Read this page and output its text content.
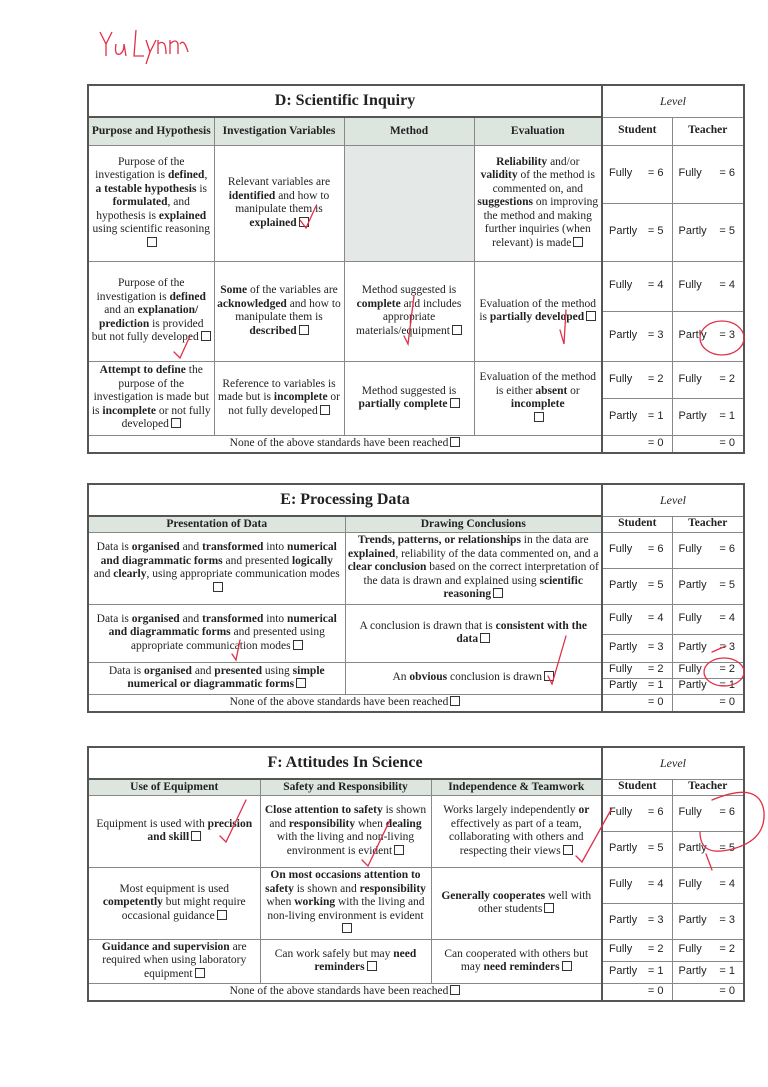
D: Scientific Inquiry				Level	
Purpose and Hypothesis	Investigation Variables	Method	Evaluation	Student	Teacher
Purpose of the investigation is defined, a testable hypothesis is formulated, and hypothesis is explained using scientific reasoning	Relevant variables are identified and how to manipulate them is explained		Reliability and/or validity of the method is commented on, and suggestions on improving the method and making further inquiries (when relevant) is made	Fully = 6	Fully = 6

				Partly = 5	Partly = 5

Purpose of the investigation is defined and an explanation/ prediction is provided but not fully developed	Some of the variables are acknowledged and how to manipulate them is described	Method suggested is complete and includes appropriate materials/equipment	Evaluation of the method is partially developed	Fully = 4	Fully = 4

				Partly = 3	Partly = 3

Attempt to define the purpose of the investigation is made but is incomplete or not fully developed	Reference to variables is made but is incomplete or not fully developed	Method suggested is partially complete	Evaluation of the method is either absent or incomplete	Fully = 2	Fully = 2

				Partly = 1	Partly = 1

None of the above standards have been reached				= 0	= 0
E: Processing Data		Level	
Presentation of Data	Drawing Conclusions	Student	Teacher
Data is organised and transformed into numerical and diagrammatic forms and presented logically and clearly, using appropriate communication modes	Trends, patterns, or relationships in the data are explained, reliability of the data commented on, and a clear conclusion based on the correct interpretation of the data is drawn and explained using scientific reasoning	Fully = 6	Fully = 6

		Partly = 5	Partly = 5

Data is organised and transformed into numerical and diagrammatic forms and presented using appropriate communication modes	A conclusion is drawn that is consistent with the data	Fully = 4	Fully = 4

		Partly = 3	Partly = 3

Data is organised and presented using simple numerical or diagrammatic forms	An obvious conclusion is drawn	Fully = 2	Fully = 2

		Partly = 1	Partly = 1

None of the above standards have been reached		= 0	= 0
F: Attitudes In Science			Level	
Use of Equipment	Safety and Responsibility	Independence & Teamwork	Student	Teacher
Equipment is used with precision and skill	Close attention to safety is shown and responsibility when dealing with the living and non-living environment is evident	Works largely independently or effectively as part of a team, collaborating with others and respecting their views	Fully = 6	Fully = 6

			Partly = 5	Partly = 5

Most equipment is used competently but might require occasional guidance	On most occasions attention to safety is shown and responsibility when working with the living and non-living environment is evident	Generally cooperates well with other students	Fully = 4	Fully = 4

			Partly = 3	Partly = 3

Guidance and supervision are required when using laboratory equipment	Can work safely but may need reminders	Can cooperated with others but may need reminders	Fully = 2	Fully = 2

			Partly = 1	Partly = 1

None of the above standards have been reached			= 0	= 0
